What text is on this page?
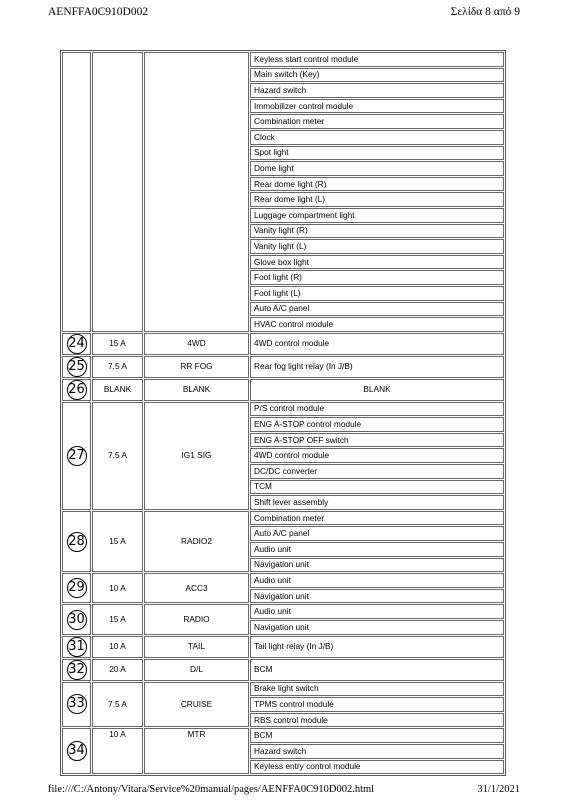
AENFFA0C910D002	Σελίδα 8 από 9
			Keyless start control module
			Main switch (Key)
			Hazard switch
			Immobilizer control module
			Combination meter
			Clock
			Spot light
			Dome light
			Rear dome light (R)
			Rear dome light (L)
			Luggage compartment light
			Vanity light (R)
			Vanity light (L)
			Glove box light
			Foot light (R)
			Foot light (L)
			Auto A/C panel
			HVAC control module
24	15 A	4WD	4WD control module
25	7.5 A	RR FOG	Rear fog light relay (In J/B)
26	BLANK	BLANK	BLANK
27	7.5 A	IG1 SIG	P/S control module
			ENG A-STOP control module
			ENG A-STOP OFF switch
			4WD control module
			DC/DC converter
			TCM
			Shift lever assembly
28	15 A	RADIO2	Combination meter
			Auto A/C panel
			Audio unit
			Navigation unit
29	10 A	ACC3	Audio unit
			Navigation unit
30	15 A	RADIO	Audio unit
			Navigation unit
31	10 A	TAIL	Tail light relay (In J/B)
32	20 A	D/L	BCM
33	7.5 A	CRUISE	Brake light switch
			TPMS control module
			RBS control module
34	10 A	MTR	BCM
			Hazard switch
			Keyless entry control module
file:///C:/Antony/Vitara/Service%20manual/pages/AENFFA0C910D002.html	31/1/2021
